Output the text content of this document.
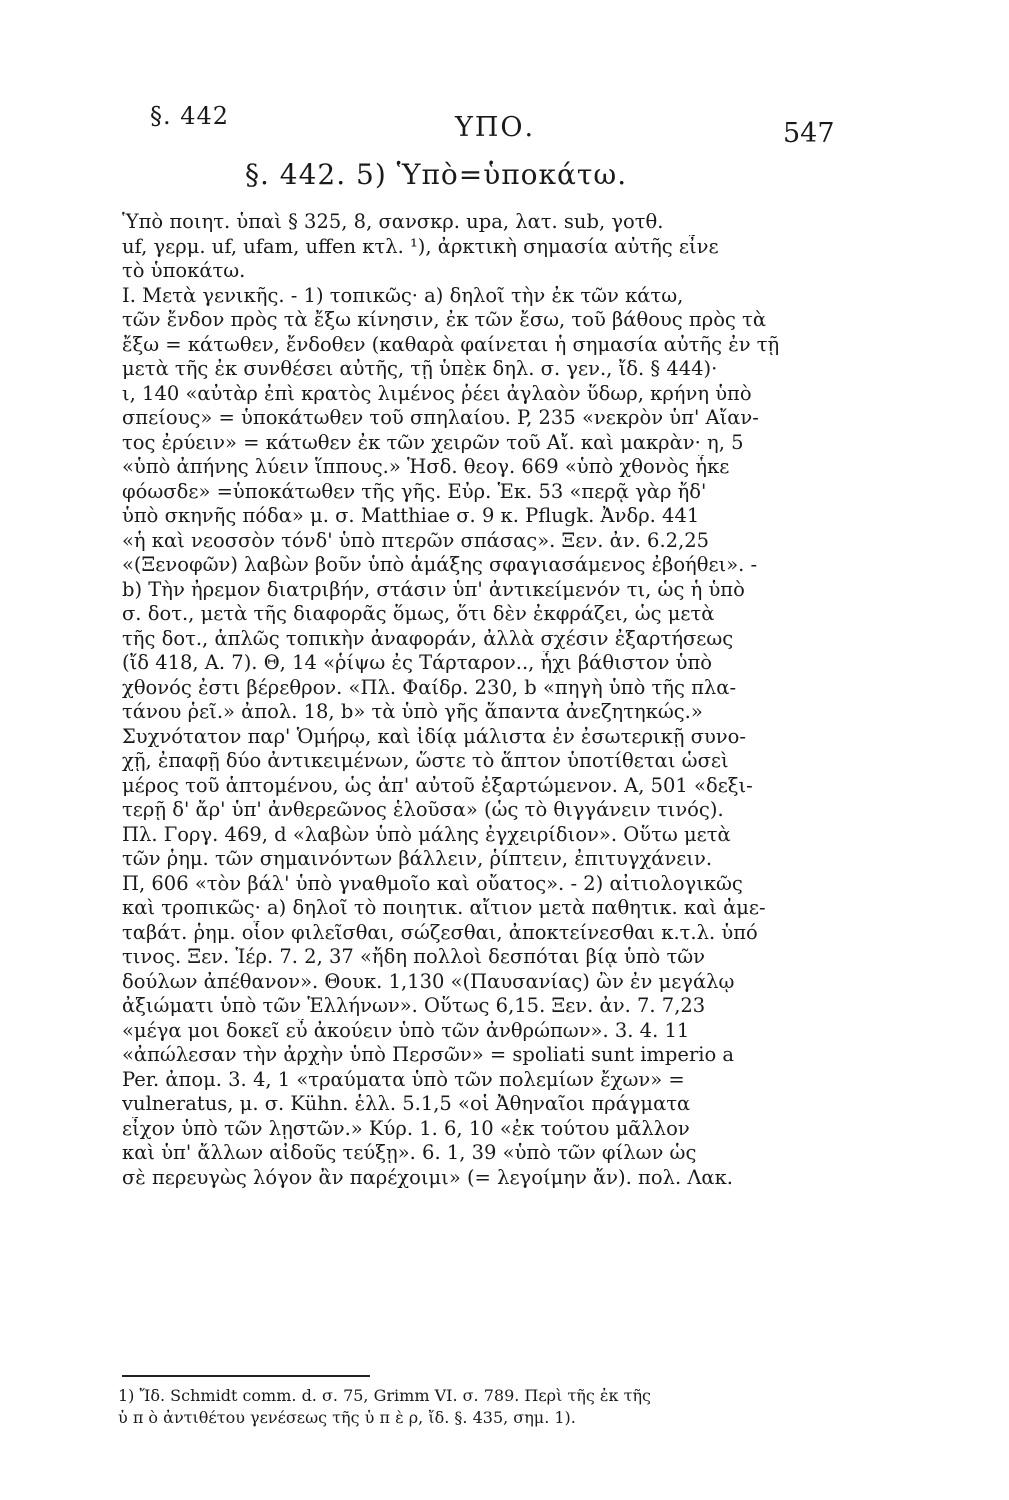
§. 442	ΥΠΟ.	547
§. 442. 5) Ὑπὸ=ὑποκάτω.
Ὑπὸ ποιητ. ὑπαὶ § 325, 8, σανσκρ. upa, λατ. sub, γοτθ.
uf, γερμ. uf, ufam, uffen κτλ. ¹), ἀρκτικὴ σημασία αὐτῆς εἶνε
τὸ ὑποκάτω.
I. Μετὰ γενικῆς. - 1) τοπικῶς· a) δηλοῖ τὴν ἐκ τῶν κάτω,
τῶν ἔνδον πρὸς τὰ ἔξω κίνησιν, ἐκ τῶν ἔσω, τοῦ βάθους πρὸς τὰ
ἔξω = κάτωθεν, ἔνδοθεν (καθαρὰ φαίνεται ἡ σημασία αὐτῆς ἐν τῇ
μετὰ τῆς ἐκ συνθέσει αὐτῆς, τῇ ὑπὲκ δηλ. σ. γεν., ἴδ. § 444)·
ι, 140 «αὐτὰρ ἐπὶ κρατὸς λιμένος ῥέει ἀγλαὸν ὕδωρ, κρήνη ὑπὸ
σπείους» = ὑποκάτωθεν τοῦ σπηλαίου. P, 235 «νεκρὸν ὑπ' Αἴαν-
τος ἐρύειν» = κάτωθεν ἐκ τῶν χειρῶν τοῦ Αἴ. καὶ μακρὰν· η, 5
«ὑπὸ ἀπήνης λύειν ἵππους.» Ἡσδ. θεογ. 669 «ὑπὸ χθονὸς ἧκε
φόωσδε» =ὑποκάτωθεν τῆς γῆς. Εὐρ. Ἑκ. 53 «περᾷ γὰρ ἤδ'
ὑπὸ σκηνῆς πόδα» μ. σ. Matthiae σ. 9 κ. Pflugk. Ἀνδρ. 441
«ἡ καὶ νεοσσὸν τόνδ' ὑπὸ πτερῶν σπάσας». Ξεν. ἀν. 6.2,25
«(Ξενοφῶν) λαβὼν βοῦν ὑπὸ ἁμάξης σφαγιασάμενος ἐβοήθει». -
b) Τὴν ἠρεμον διατριβήν, στάσιν ὑπ' ἀντικείμενόν τι, ὡς ἡ ὑπὸ
σ. δοτ., μετὰ τῆς διαφορᾶς ὅμως, ὅτι δὲν ἐκφράζει, ὡς μετὰ
τῆς δοτ., ἁπλῶς τοπικὴν ἀναφοράν, ἀλλὰ σχέσιν ἐξαρτήσεως
(ἴδ 418, A. 7). Θ, 14 «ῥίψω ἐς Τάρταρον.., ἧχι βάθιστον ὑπὸ
χθονός ἐστι βέρεθρον. «Πλ. Φαίδρ. 230, b «πηγὴ ὑπὸ τῆς πλα-
τάνου ῥεῖ.» ἀπολ. 18, b» τὰ ὑπὸ γῆς ἅπαντα ἀνεζητηκώς.»
Συχνότατον παρ' Ὁμήρῳ, καὶ ἰδίᾳ μάλιστα ἐν ἐσωτερικῇ συνο-
χῇ, ἐπαφῇ δύο ἀντικειμένων, ὥστε τὸ ἅπτον ὑποτίθεται ὡσεὶ
μέρος τοῦ ἁπτομένου, ὡς ἀπ' αὐτοῦ ἐξαρτώμενον. A, 501 «δεξι-
τερῇ δ' ἄρ' ὑπ' ἀνθερεῶνος ἑλοῦσα» (ὡς τὸ θιγγάνειν τινός).
Πλ. Γοργ. 469, d «λαβὼν ὑπὸ μάλης ἐγχειρίδιον». Οὕτω μετὰ
τῶν ῥημ. τῶν σημαινόντων βάλλειν, ῥίπτειν, ἐπιτυγχάνειν.
Π, 606 «τὸν βάλ' ὑπὸ γναθμοῖο καὶ οὔατος». - 2) αἰτιολογικῶς
καὶ τροπικῶς· a) δηλοῖ τὸ ποιητικ. αἴτιον μετὰ παθητικ. καὶ ἀμε-
ταβάτ. ῥημ. οἷον φιλεῖσθαι, σώζεσθαι, ἀποκτείνεσθαι κ.τ.λ. ὑπό
τινος. Ξεν. Ἱέρ. 7. 2, 37 «ἤδη πολλοὶ δεσπόται βίᾳ ὑπὸ τῶν
δούλων ἀπέθανον». Θουκ. 1,130 «(Παυσανίας) ὢν ἐν μεγάλῳ
ἀξιώματι ὑπὸ τῶν Ἑλλήνων». Οὕτως 6,15. Ξεν. ἀν. 7. 7,23
«μέγα μοι δοκεῖ εὖ ἀκούειν ὑπὸ τῶν ἀνθρώπων». 3. 4. 11
«ἀπώλεσαν τὴν ἀρχὴν ὑπὸ Περσῶν» = spoliati sunt imperio a
Per. ἀπομ. 3. 4, 1 «τραύματα ὑπὸ τῶν πολεμίων ἔχων» =
vulneratus, μ. σ. Kühn. ἑλλ. 5.1,5 «οἱ Ἀθηναῖοι πράγματα
εἶχον ὑπὸ τῶν λῃστῶν.» Κύρ. 1. 6, 10 «ἐκ τούτου μᾶλλον
καὶ ὑπ' ἄλλων αἰδοῦς τεύξῃ». 6. 1, 39 «ὑπὸ τῶν φίλων ὡς
σὲ περευγὼς λόγον ἂν παρέχοιμι» (= λεγοίμην ἄν). πολ. Λακ.
1) Ἴδ. Schmidt comm. d. σ. 75, Grimm VI. σ. 789. Περὶ τῆς ἐκ τῆς
ὑ π ὸ ἀντιθέτου γενέσεως τῆς ὑ π ὲ ρ, ἴδ. §. 435, σημ. 1).
